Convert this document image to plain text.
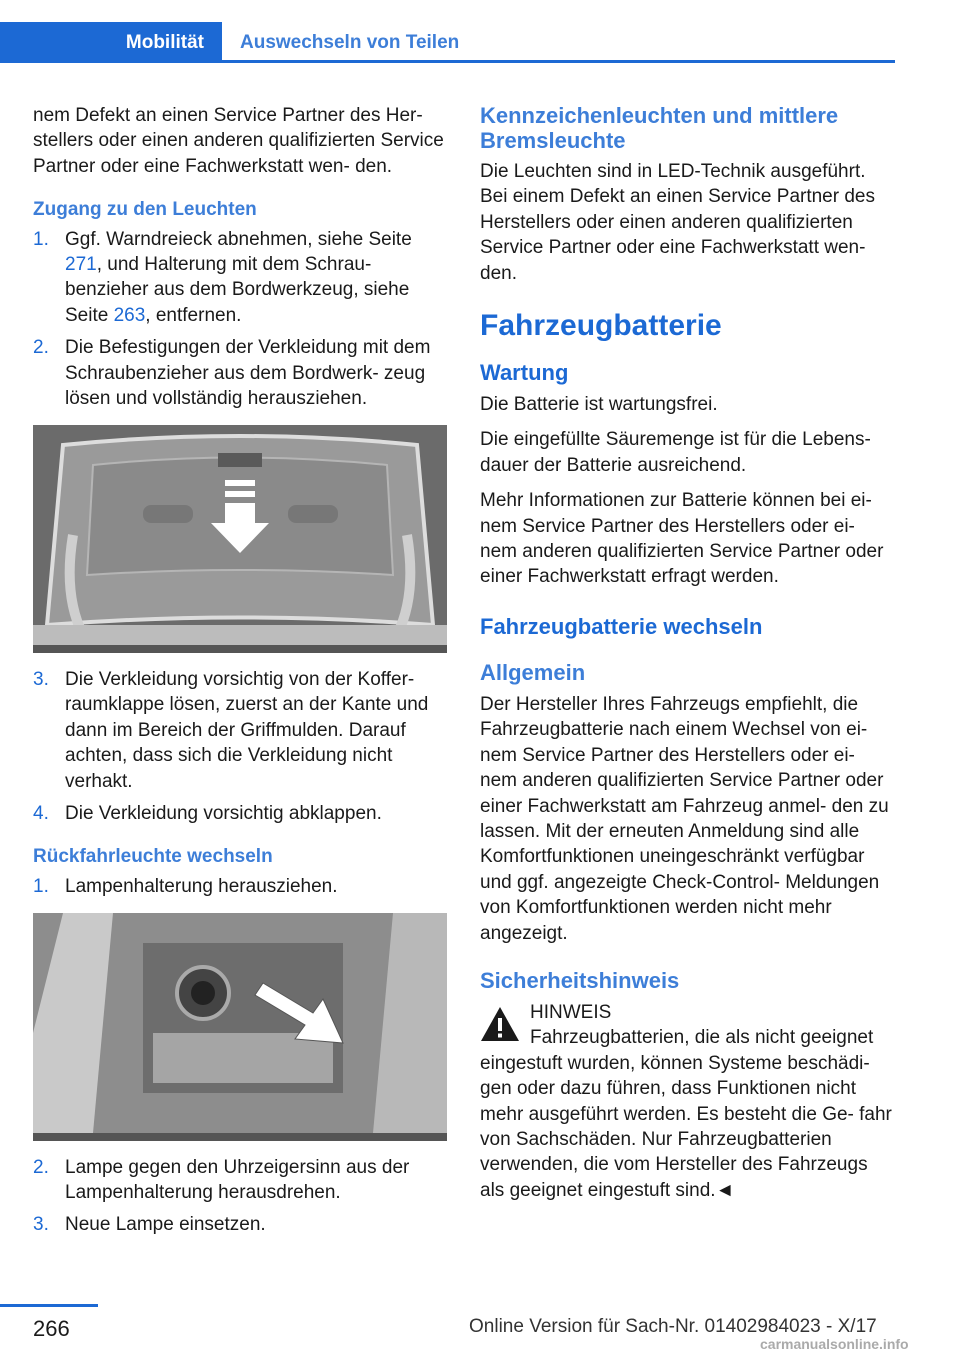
Mobilität	Auswechseln von Teilen

nem Defekt an einen Service Partner des Her- stellers oder einen anderen qualifizierten Service Partner oder eine Fachwerkstatt wen- den.

Zugang zu den Leuchten
1. Ggf. Warndreieck abnehmen, siehe Seite 271, und Halterung mit dem Schrau- benzieher aus dem Bordwerkzeug, siehe Seite 263, entfernen.
2. Die Befestigungen der Verkleidung mit dem Schraubenzieher aus dem Bordwerk- zeug lösen und vollständig herausziehen.
3. Die Verkleidung vorsichtig von der Koffer- raumklappe lösen, zuerst an der Kante und dann im Bereich der Griffmulden. Darauf achten, dass sich die Verkleidung nicht verhakt.
4. Die Verkleidung vorsichtig abklappen.
Rückfahrleuchte wechseln
1. Lampenhalterung herausziehen.
2. Lampe gegen den Uhrzeigersinn aus der Lampenhalterung herausdrehen.
3. Neue Lampe einsetzen.
Kennzeichenleuchten und mittlere Bremsleuchte

Die Leuchten sind in LED-Technik ausgeführt. Bei einem Defekt an einen Service Partner des Herstellers oder einen anderen qualifizierten Service Partner oder eine Fachwerkstatt wen- den.

Fahrzeugbatterie
Wartung

Die Batterie ist wartungsfrei.

Die eingefüllte Säuremenge ist für die Lebens- dauer der Batterie ausreichend.

Mehr Informationen zur Batterie können bei ei- nem Service Partner des Herstellers oder ei- nem anderen qualifizierten Service Partner oder einer Fachwerkstatt erfragt werden.

Fahrzeugbatterie wechseln
Allgemein

Der Hersteller Ihres Fahrzeugs empfiehlt, die Fahrzeugbatterie nach einem Wechsel von ei- nem Service Partner des Herstellers oder ei- nem anderen qualifizierten Service Partner oder einer Fachwerkstatt am Fahrzeug anmel- den zu lassen. Mit der erneuten Anmeldung sind alle Komfortfunktionen uneingeschränkt verfügbar und ggf. angezeigte Check-Control- Meldungen von Komfortfunktionen werden nicht mehr angezeigt.

Sicherheitshinweis
HINWEIS
Fahrzeugbatterien, die als nicht geeignet eingestuft wurden, können Systeme beschädi- gen oder dazu führen, dass Funktionen nicht mehr ausgeführt werden. Es besteht die Ge- fahr von Sachschäden. Nur Fahrzeugbatterien verwenden, die vom Hersteller des Fahrzeugs als geeignet eingestuft sind.◄
266	Online Version für Sach-Nr. 01402984023 - X/17
carmanualsonline.info
